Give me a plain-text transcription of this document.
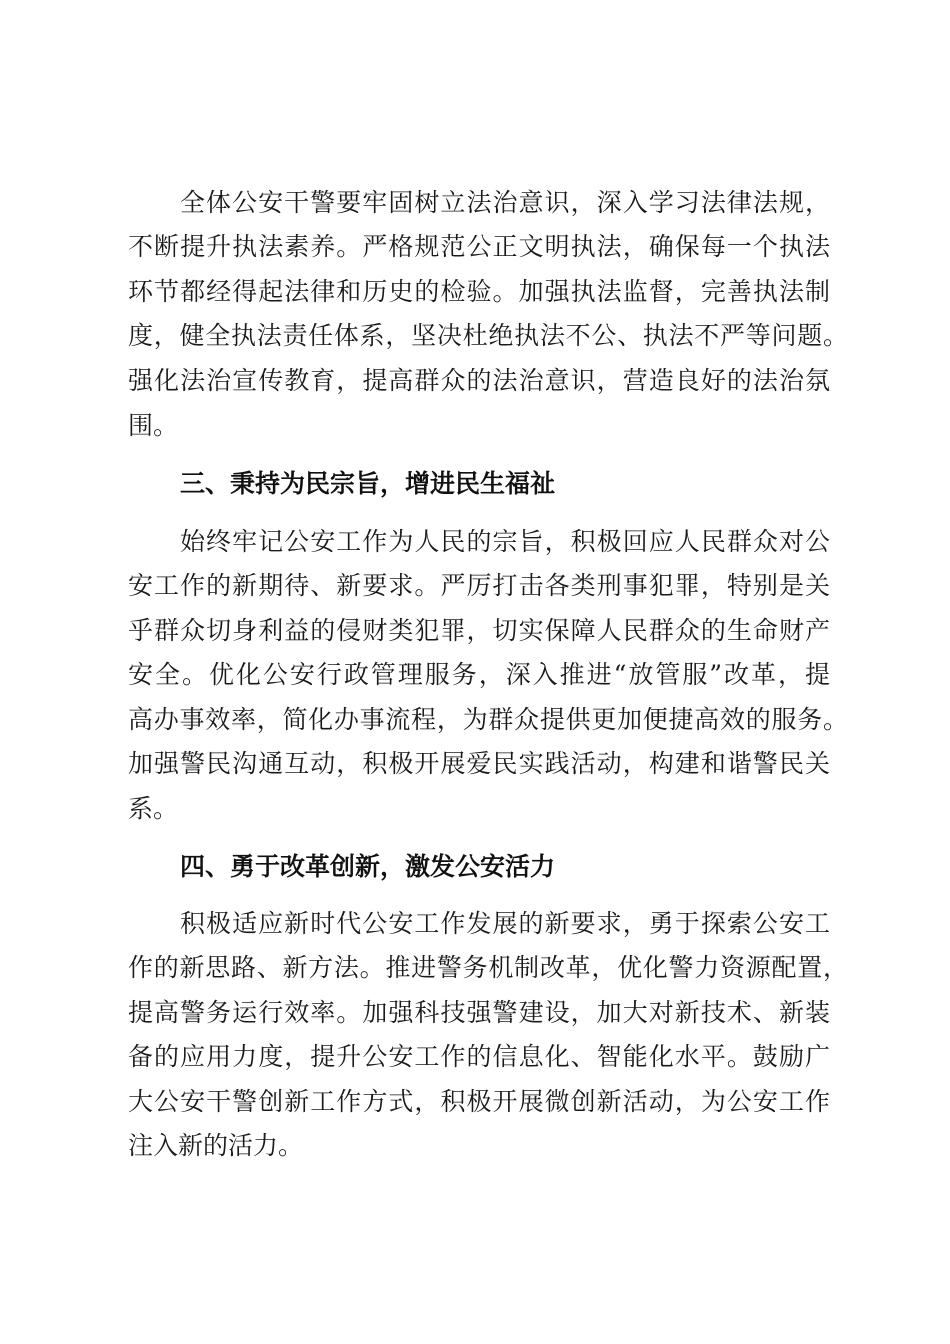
全体公安干警要牢固树立法治意识，深入学习法律法规，
不断提升执法素养。严格规范公正文明执法，确保每一个执法
环节都经得起法律和历史的检验。加强执法监督，完善执法制
度，健全执法责任体系，坚决杜绝执法不公、执法不严等问题。
强化法治宣传教育，提高群众的法治意识，营造良好的法治氛
围。
三、秉持为民宗旨，增进民生福祉
始终牢记公安工作为人民的宗旨，积极回应人民群众对公
安工作的新期待、新要求。严厉打击各类刑事犯罪，特别是关
乎群众切身利益的侵财类犯罪，切实保障人民群众的生命财产
安全。优化公安行政管理服务，深入推进“放管服”改革，提
高办事效率，简化办事流程，为群众提供更加便捷高效的服务。
加强警民沟通互动，积极开展爱民实践活动，构建和谐警民关
系。
四、勇于改革创新，激发公安活力
积极适应新时代公安工作发展的新要求，勇于探索公安工
作的新思路、新方法。推进警务机制改革，优化警力资源配置，
提高警务运行效率。加强科技强警建设，加大对新技术、新装
备的应用力度，提升公安工作的信息化、智能化水平。鼓励广
大公安干警创新工作方式，积极开展微创新活动，为公安工作
注入新的活力。
